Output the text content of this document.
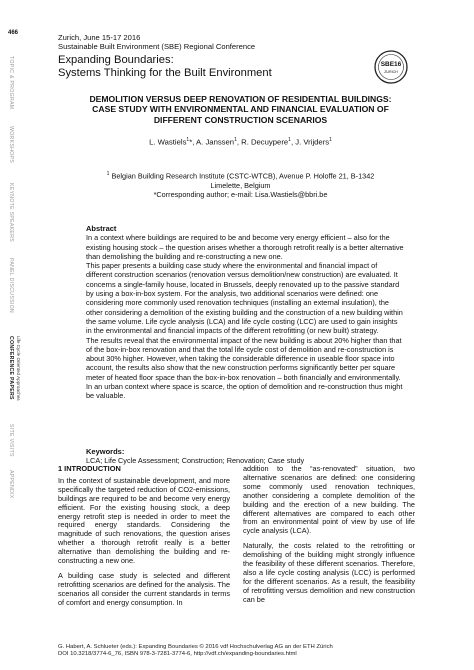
466
TOPIC & PROGRAM
WORKSHOPS
KEYNOTE SPEAKERS
PANEL DISCUSSION
CONFERENCE PAPERS Life Cycle Oriented Approaches
SITE VISITS
APPENDIX
Zurich, June 15-17 2016
Sustainable Built Environment (SBE) Regional Conference
Expanding Boundaries:
Systems Thinking for the Built Environment
SBE16
ZURICH
DEMOLITION VERSUS DEEP RENOVATION OF RESIDENTIAL BUILDINGS:
CASE STUDY WITH ENVIRONMENTAL AND FINANCIAL EVALUATION OF
DIFFERENT CONSTRUCTION SCENARIOS
L. Wastiels$^1$*, A. Janssen$^1$, R. Decuypere$^1$, J. Vrijders$^1$
$^1$ Belgian Building Research Institute (CSTC-WTCB), Avenue P. Holoffe 21, B-1342
Limelette, Belgium
*Corresponding author; e-mail: Lisa.Wastiels@bbri.be
Abstract

In a context where buildings are required to be and become very energy efficient – also for the existing housing stock – the question arises whether a thorough retrofit really is a better alternative than demolishing the building and re-constructing a new one.

This paper presents a building case study where the environmental and financial impact of different construction scenarios (renovation versus demolition/new construction) are evaluated. It concerns a single-family house, located in Brussels, deeply renovated up to the passive standard by using a box-in-box system. For the analysis, two additional scenarios were defined: one considering more commonly used renovation techniques (installing an external insulation), the other considering a demolition of the existing building and the construction of a new building within the same volume. Life cycle analysis (LCA) and life cycle costing (LCC) are used to gain insights in the environmental and financial impacts of the different retrofitting (or new built) strategy.

The results reveal that the environmental impact of the new building is about 20% higher than that of the box-in-box renovation and that the total life cycle cost of demolition and re-construction is about 30% higher. However, when taking the considerable difference in useable floor space into account, the results also show that the new construction performs significantly better per square meter of heated floor space than the box-in-box renovation – both financially and environmentally. In an urban context where space is scarce, the option of demolition and re-construction thus might be valuable.

Keywords:

LCA; Life Cycle Assessment; Construction; Renovation; Case study

1 INTRODUCTION

In the context of sustainable development, and more specifically the targeted reduction of CO2-emissions, buildings are required to be and become very energy efficient. For the existing housing stock, a deep energy retrofit step is needed in order to meet the required energy standards. Considering the magnitude of such renovations, the question arises whether a thorough retrofit really is a better alternative than demolishing the building and re-constructing a new one.

A building case study is selected and different retrofitting scenarios are defined for the analysis. The scenarios all consider the current standards in terms of comfort and energy consumption. In

addition to the “as-renovated” situation, two alternative scenarios are defined: one considering some commonly used renovation techniques, another considering a complete demolition of the building and the erection of a new building. The different alternatives are compared to each other from an environmental point of view by use of life cycle analysis (LCA).

Naturally, the costs related to the retrofitting or demolishing of the building might strongly influence the feasibility of these different scenarios. Therefore, also a life cycle costing analysis (LCC) is performed for the different scenarios. As a result, the feasibility of retrofitting versus demolition and new construction can be

G. Habert, A. Schlueter (eds.): Expanding Boundaries © 2016 vdf Hochschulverlag AG an der ETH Zürich
DOI 10.3218/3774-6_76, ISBN 978-3-7281-3774-6, http://vdf.ch/expanding-boundaries.html
